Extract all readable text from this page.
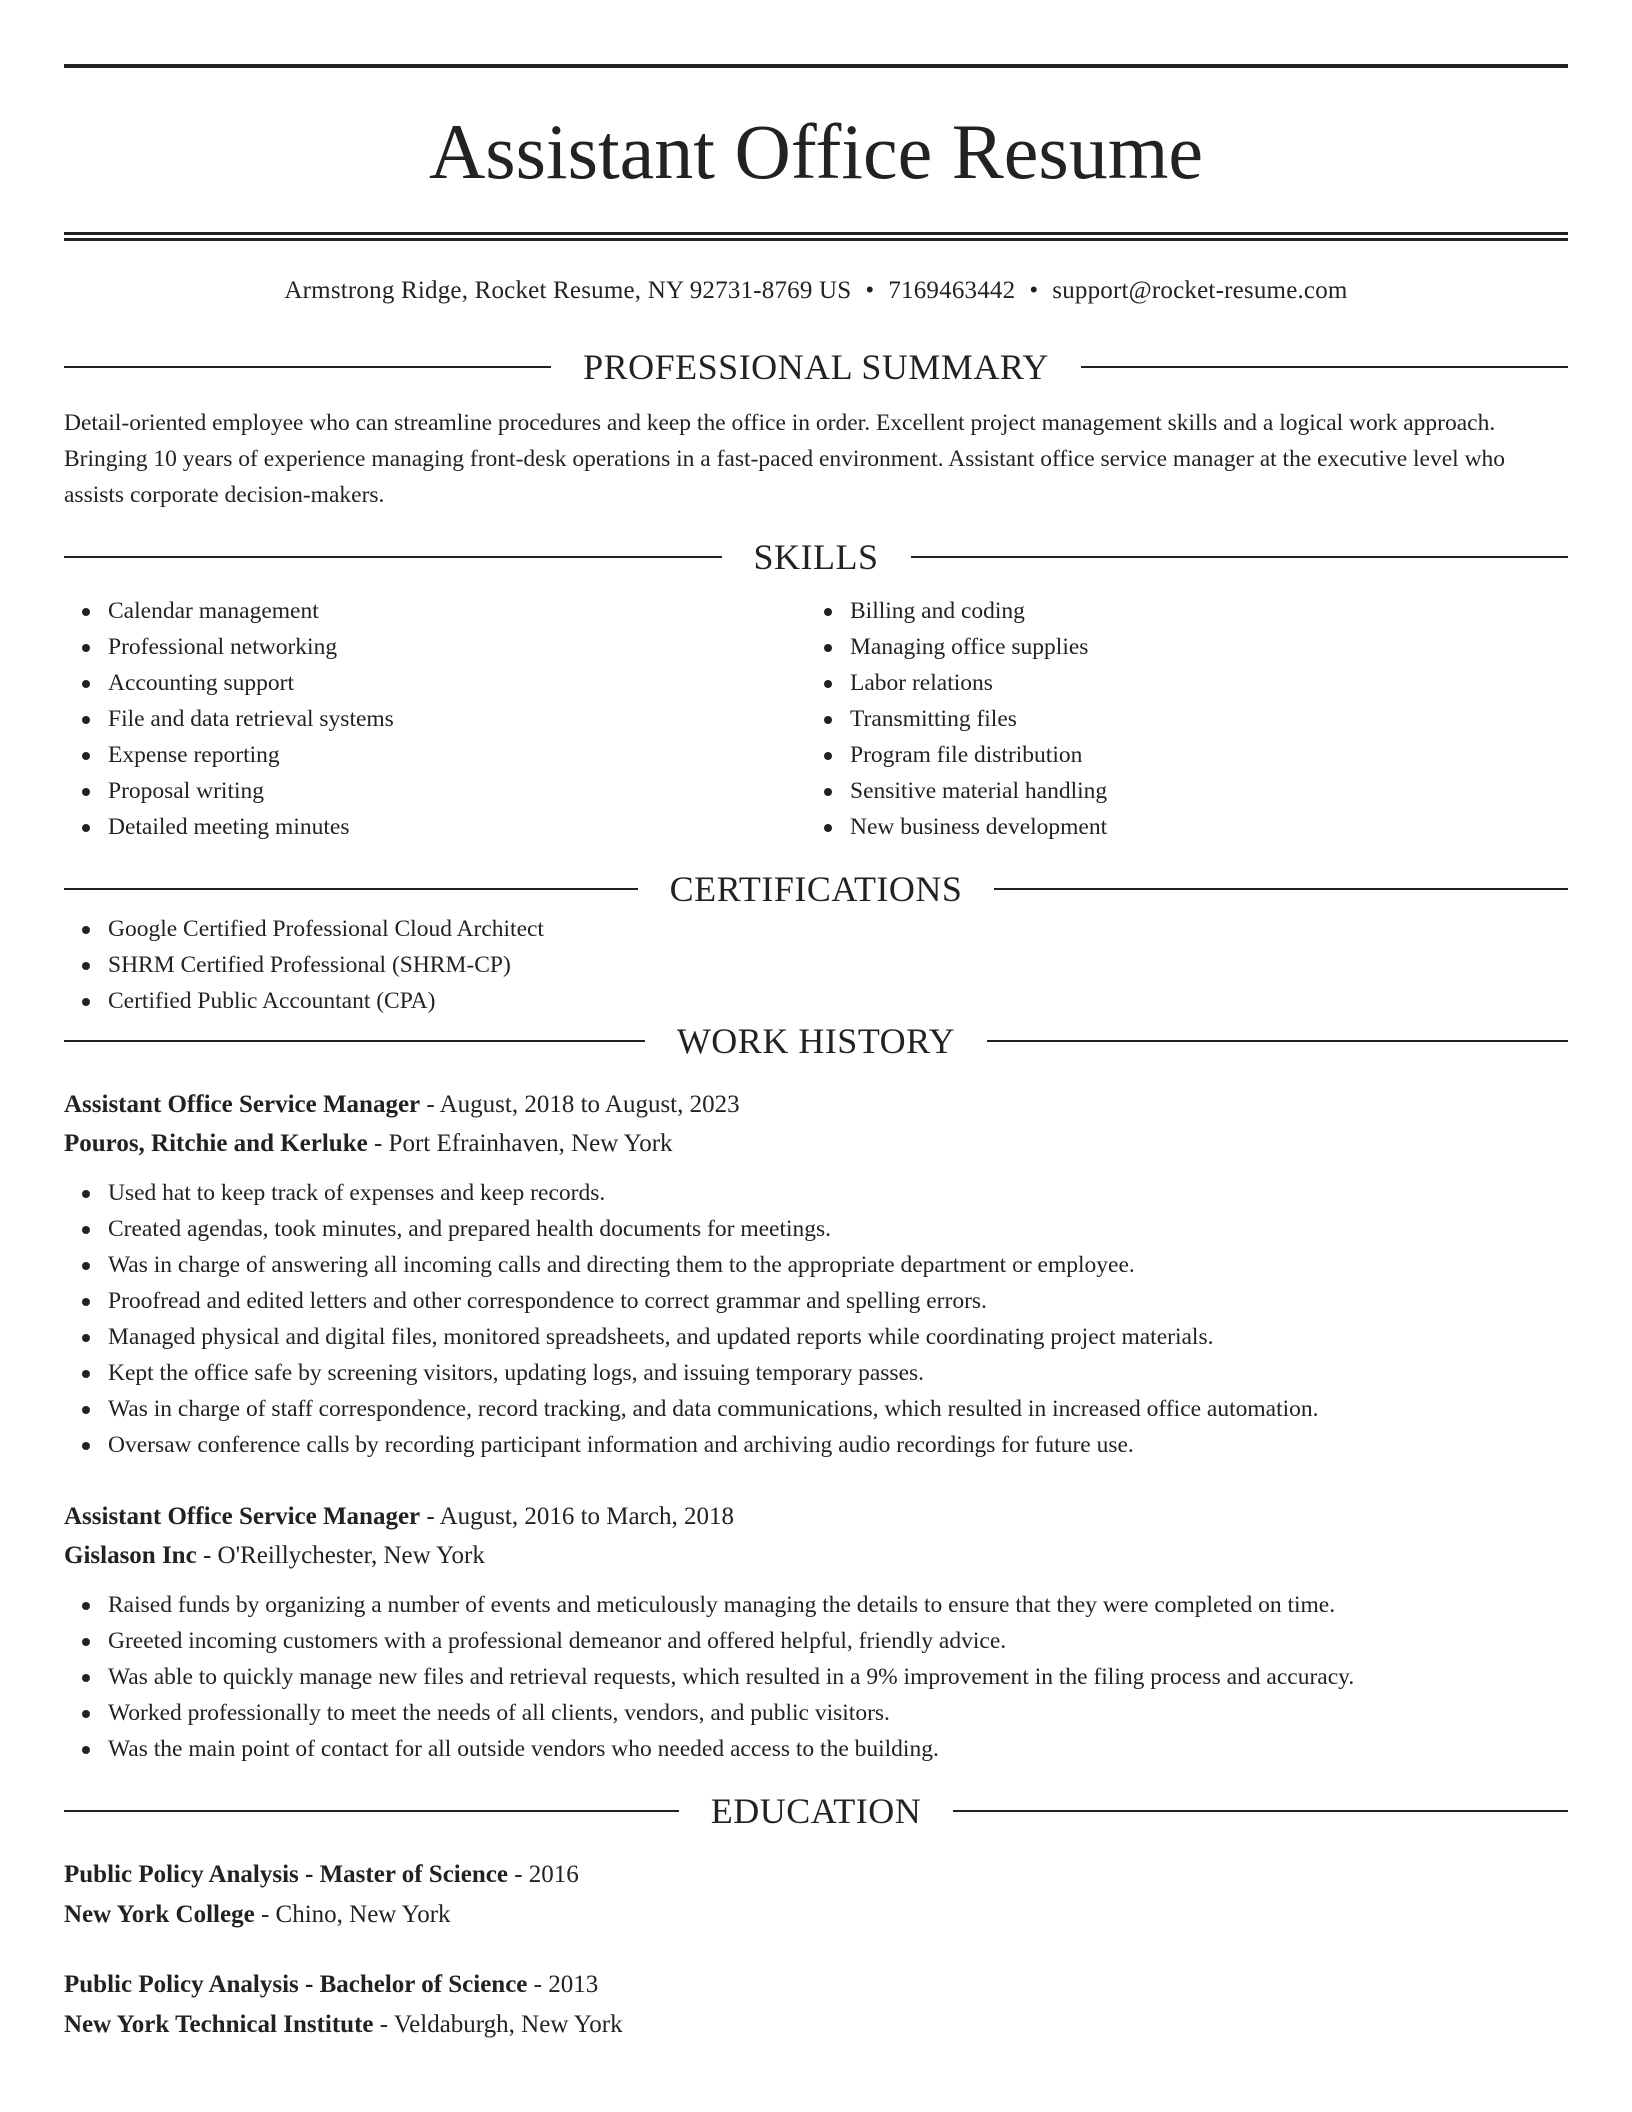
Assistant Office Resume
Armstrong Ridge, Rocket Resume, NY 92731-8769 US • 7169463442 • support@rocket-resume.com
PROFESSIONAL SUMMARY

Detail-oriented employee who can streamline procedures and keep the office in order. Excellent project management skills and a logical work approach. Bringing 10 years of experience managing front-desk operations in a fast-paced environment. Assistant office service manager at the executive level who assists corporate decision-makers.

SKILLS
Calendar management
Professional networking
Accounting support
File and data retrieval systems
Expense reporting
Proposal writing
Detailed meeting minutes
Billing and coding
Managing office supplies
Labor relations
Transmitting files
Program file distribution
Sensitive material handling
New business development
CERTIFICATIONS
Google Certified Professional Cloud Architect
SHRM Certified Professional (SHRM-CP)
Certified Public Accountant (CPA)
WORK HISTORY
Assistant Office Service Manager - August, 2018 to August, 2023
Pouros, Ritchie and Kerluke - Port Efrainhaven, New York
Used hat to keep track of expenses and keep records.
Created agendas, took minutes, and prepared health documents for meetings.
Was in charge of answering all incoming calls and directing them to the appropriate department or employee.
Proofread and edited letters and other correspondence to correct grammar and spelling errors.
Managed physical and digital files, monitored spreadsheets, and updated reports while coordinating project materials.
Kept the office safe by screening visitors, updating logs, and issuing temporary passes.
Was in charge of staff correspondence, record tracking, and data communications, which resulted in increased office automation.
Oversaw conference calls by recording participant information and archiving audio recordings for future use.
Assistant Office Service Manager - August, 2016 to March, 2018
Gislason Inc - O'Reillychester, New York
Raised funds by organizing a number of events and meticulously managing the details to ensure that they were completed on time.
Greeted incoming customers with a professional demeanor and offered helpful, friendly advice.
Was able to quickly manage new files and retrieval requests, which resulted in a 9% improvement in the filing process and accuracy.
Worked professionally to meet the needs of all clients, vendors, and public visitors.
Was the main point of contact for all outside vendors who needed access to the building.
EDUCATION
Public Policy Analysis - Master of Science - 2016
New York College - Chino, New York
Public Policy Analysis - Bachelor of Science - 2013
New York Technical Institute - Veldaburgh, New York
